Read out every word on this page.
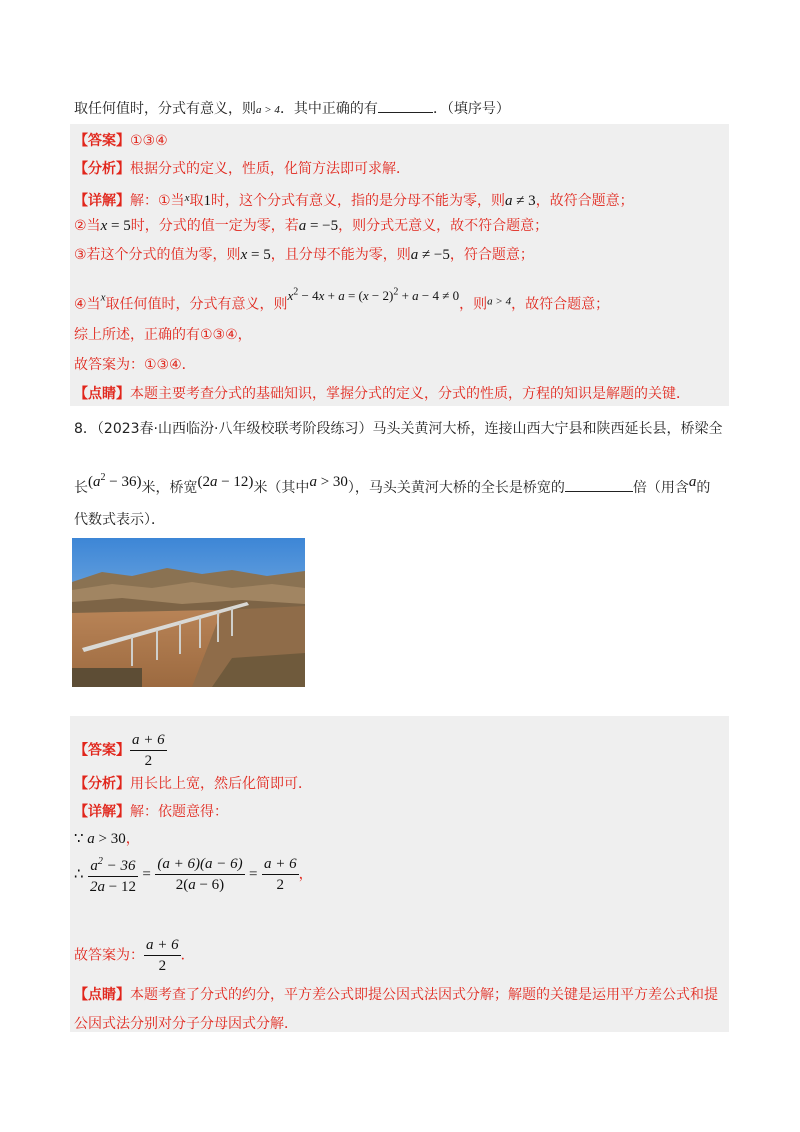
取任何值时，分式有意义，则a > 4．其中正确的有	．（填序号）
【答案】①③④
【分析】根据分式的定义，性质，化简方法即可求解．
【详解】解：①当$^x$取1时，这个分式有意义，指的是分母不能为零，则a ≠ 3，故符合题意；
②当x = 5时，分式的值一定为零，若a = −5，则分式无意义，故不符合题意；
③若这个分式的值为零，则x = 5，且分母不能为零，则a ≠ −5，符合题意；
④当$^x$取任何值时，分式有意义，则$x^2 - 4x + a = (x - 2)^2 + a - 4 \ne 0$，则$^{a > 4}$，故符合题意；
综上所述，正确的有①③④，
故答案为：①③④．
【点睛】本题主要考查分式的基础知识，掌握分式的定义，分式的性质，方程的知识是解题的关键．
8．（2023春·山西临汾·八年级校联考阶段练习）马头关黄河大桥，连接山西大宁县和陕西延长县，桥梁全
长$(a^2 - 36)$米，桥宽(2a − 12)米（其中a > 30），马头关黄河大桥的全长是桥宽的	倍（用含a的
代数式表示）．
【答案】 $\frac{a + 6}{2}$
【分析】用长比上宽，然后化简即可．
【详解】解：依题意得：
∵ a > 30，
∴ $\frac{a^2 - 36}{2a - 12} = \frac{(a + 6)(a - 6)}{2(a - 6)} = \frac{a + 6}{2}$ ，
故答案为： $\frac{a + 6}{2}$ ．
【点睛】本题考查了分式的约分，平方差公式即提公因式法因式分解；解题的关键是运用平方差公式和提
公因式法分别对分子分母因式分解．
